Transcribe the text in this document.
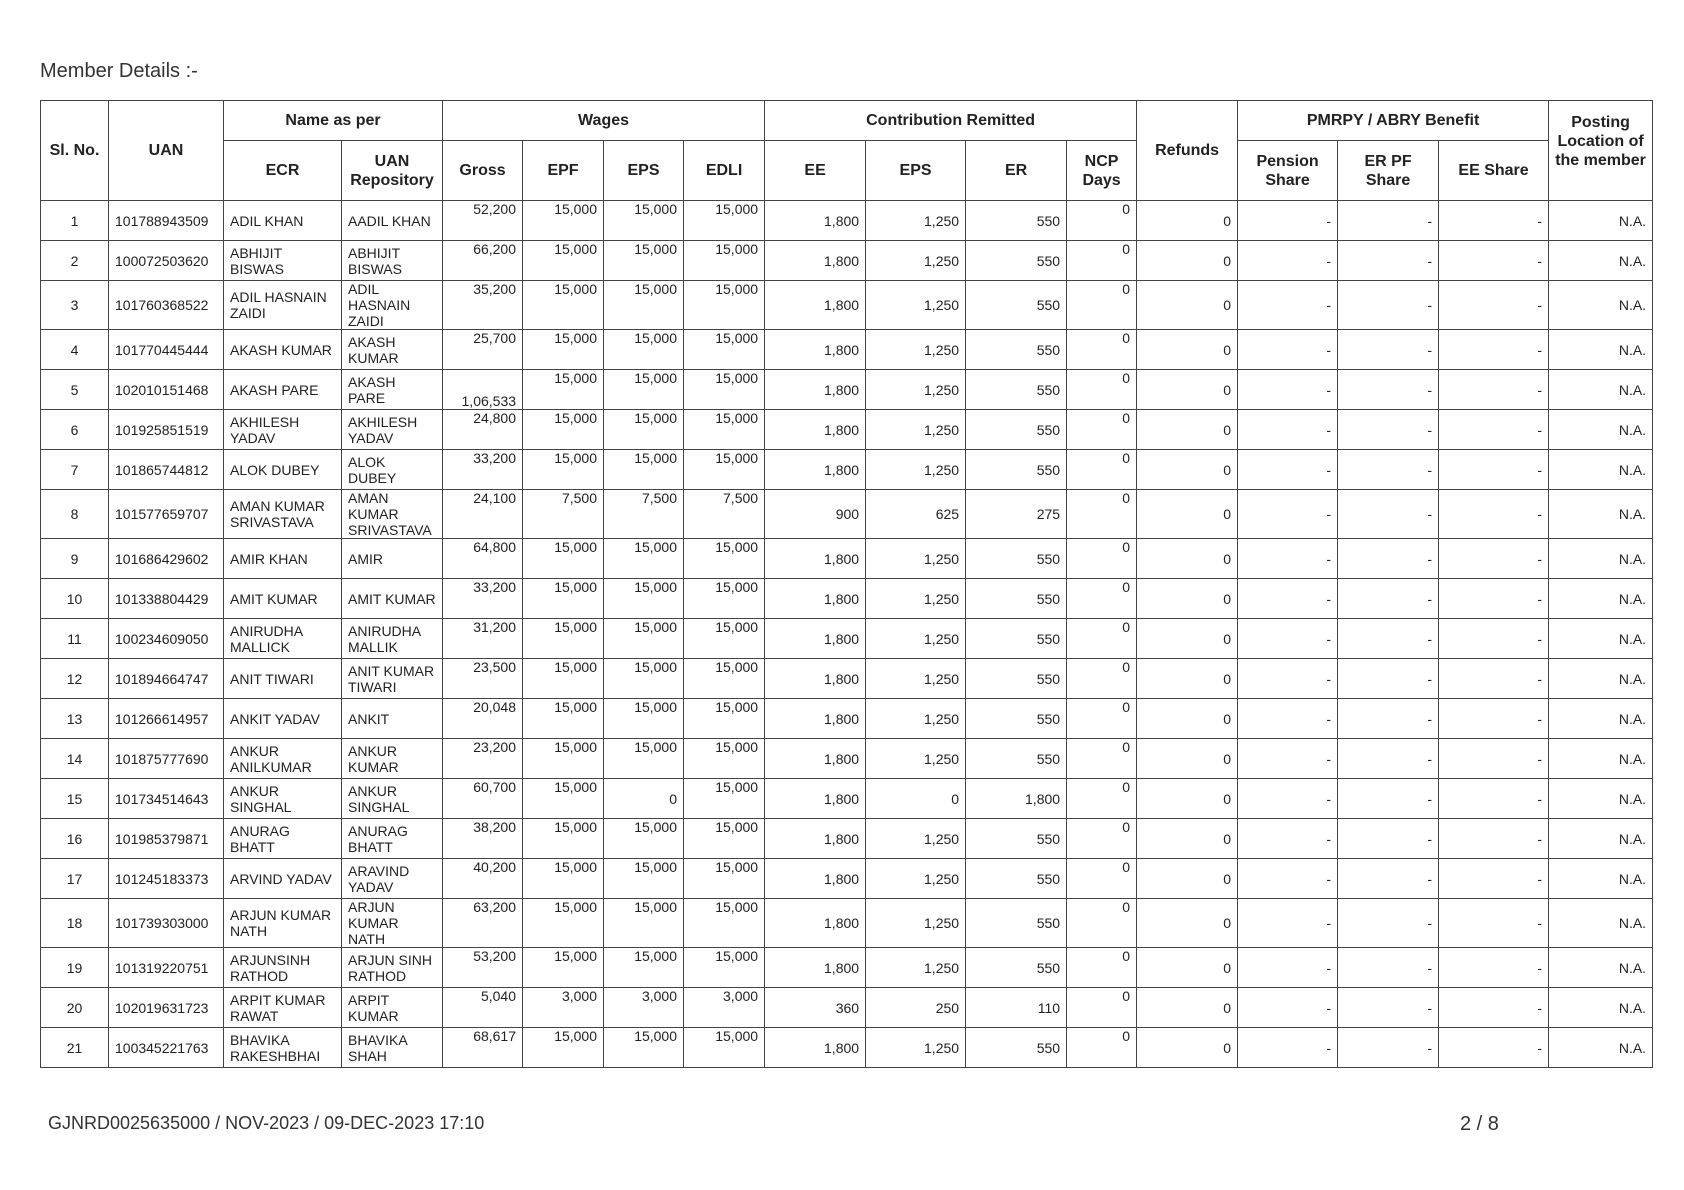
Member Details :-
Sl. No.	UAN	Name as per		Wages				Contribution Remitted				Refunds	PMRPY / ABRY Benefit			Posting Location of the member
		ECR	UAN Repository	Gross	EPF	EPS	EDLI	EE	EPS	ER	NCP Days		Pension Share	ER PF Share	EE Share	
1	101788943509	ADIL KHAN	AADIL KHAN	52,200	15,000	15,000	15,000	1,800	1,250	550	0	0	-	-	-	N.A.
2	100072503620	ABHIJIT BISWAS	ABHIJIT BISWAS	66,200	15,000	15,000	15,000	1,800	1,250	550	0	0	-	-	-	N.A.
3	101760368522	ADIL HASNAIN ZAIDI	ADIL HASNAIN ZAIDI	35,200	15,000	15,000	15,000	1,800	1,250	550	0	0	-	-	-	N.A.
4	101770445444	AKASH KUMAR	AKASH KUMAR	25,700	15,000	15,000	15,000	1,800	1,250	550	0	0	-	-	-	N.A.
5	102010151468	AKASH PARE	AKASH PARE	1,06,533	15,000	15,000	15,000	1,800	1,250	550	0	0	-	-	-	N.A.
6	101925851519	AKHILESH YADAV	AKHILESH YADAV	24,800	15,000	15,000	15,000	1,800	1,250	550	0	0	-	-	-	N.A.
7	101865744812	ALOK DUBEY	ALOK DUBEY	33,200	15,000	15,000	15,000	1,800	1,250	550	0	0	-	-	-	N.A.
8	101577659707	AMAN KUMAR SRIVASTAVA	AMAN KUMAR SRIVASTAVA	24,100	7,500	7,500	7,500	900	625	275	0	0	-	-	-	N.A.
9	101686429602	AMIR KHAN	AMIR	64,800	15,000	15,000	15,000	1,800	1,250	550	0	0	-	-	-	N.A.
10	101338804429	AMIT KUMAR	AMIT KUMAR	33,200	15,000	15,000	15,000	1,800	1,250	550	0	0	-	-	-	N.A.
11	100234609050	ANIRUDHA MALLICK	ANIRUDHA MALLIK	31,200	15,000	15,000	15,000	1,800	1,250	550	0	0	-	-	-	N.A.
12	101894664747	ANIT TIWARI	ANIT KUMAR TIWARI	23,500	15,000	15,000	15,000	1,800	1,250	550	0	0	-	-	-	N.A.
13	101266614957	ANKIT YADAV	ANKIT	20,048	15,000	15,000	15,000	1,800	1,250	550	0	0	-	-	-	N.A.
14	101875777690	ANKUR ANILKUMAR	ANKUR KUMAR	23,200	15,000	15,000	15,000	1,800	1,250	550	0	0	-	-	-	N.A.
15	101734514643	ANKUR SINGHAL	ANKUR SINGHAL	60,700	15,000	0	15,000	1,800	0	1,800	0	0	-	-	-	N.A.
16	101985379871	ANURAG BHATT	ANURAG BHATT	38,200	15,000	15,000	15,000	1,800	1,250	550	0	0	-	-	-	N.A.
17	101245183373	ARVIND YADAV	ARAVIND YADAV	40,200	15,000	15,000	15,000	1,800	1,250	550	0	0	-	-	-	N.A.
18	101739303000	ARJUN KUMAR NATH	ARJUN KUMAR NATH	63,200	15,000	15,000	15,000	1,800	1,250	550	0	0	-	-	-	N.A.
19	101319220751	ARJUNSINH RATHOD	ARJUN SINH RATHOD	53,200	15,000	15,000	15,000	1,800	1,250	550	0	0	-	-	-	N.A.
20	102019631723	ARPIT KUMAR RAWAT	ARPIT KUMAR	5,040	3,000	3,000	3,000	360	250	110	0	0	-	-	-	N.A.
21	100345221763	BHAVIKA RAKESHBHAI	BHAVIKA SHAH	68,617	15,000	15,000	15,000	1,800	1,250	550	0	0	-	-	-	N.A.
GJNRD0025635000 / NOV-2023 / 09-DEC-2023 17:10	2 / 8
